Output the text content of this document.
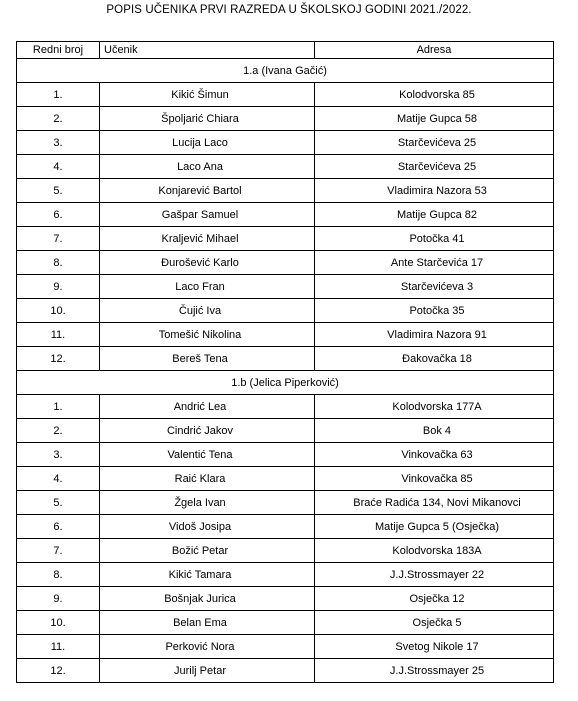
POPIS UČENIKA PRVI RAZREDA U ŠKOLSKOJ GODINI 2021./2022.
Redni broj	Učenik	Adresa
1.a (Ivana Gačić)		
1.	Kikić Šimun	Kolodvorska 85
2.	Špoljarić Chiara	Matije Gupca 58
3.	Lucija Laco	Starčevićeva 25
4.	Laco Ana	Starčevićeva 25
5.	Konjarević Bartol	Vladimira Nazora 53
6.	Gašpar Samuel	Matije Gupca 82
7.	Kraljević Mihael	Potočka 41
8.	Đurošević Karlo	Ante Starčevića 17
9.	Laco Fran	Starčevićeva 3
10.	Čujić Iva	Potočka 35
11.	Tomešić Nikolina	Vladimira Nazora 91
12.	Bereš Tena	Đakovačka 18
1.b (Jelica Piperković)		
1.	Andrić Lea	Kolodvorska 177A
2.	Cindrić Jakov	Bok 4
3.	Valentić Tena	Vinkovačka 63
4.	Raić Klara	Vinkovačka 85
5.	Žgela Ivan	Braće Radića 134, Novi Mikanovci
6.	Vidoš Josipa	Matije Gupca 5 (Osječka)
7.	Božić Petar	Kolodvorska 183A
8.	Kikić Tamara	J.J.Strossmayer 22
9.	Bošnjak Jurica	Osječka 12
10.	Belan Ema	Osječka 5
11.	Perković Nora	Svetog Nikole 17
12.	Jurilj Petar	J.J.Strossmayer 25
